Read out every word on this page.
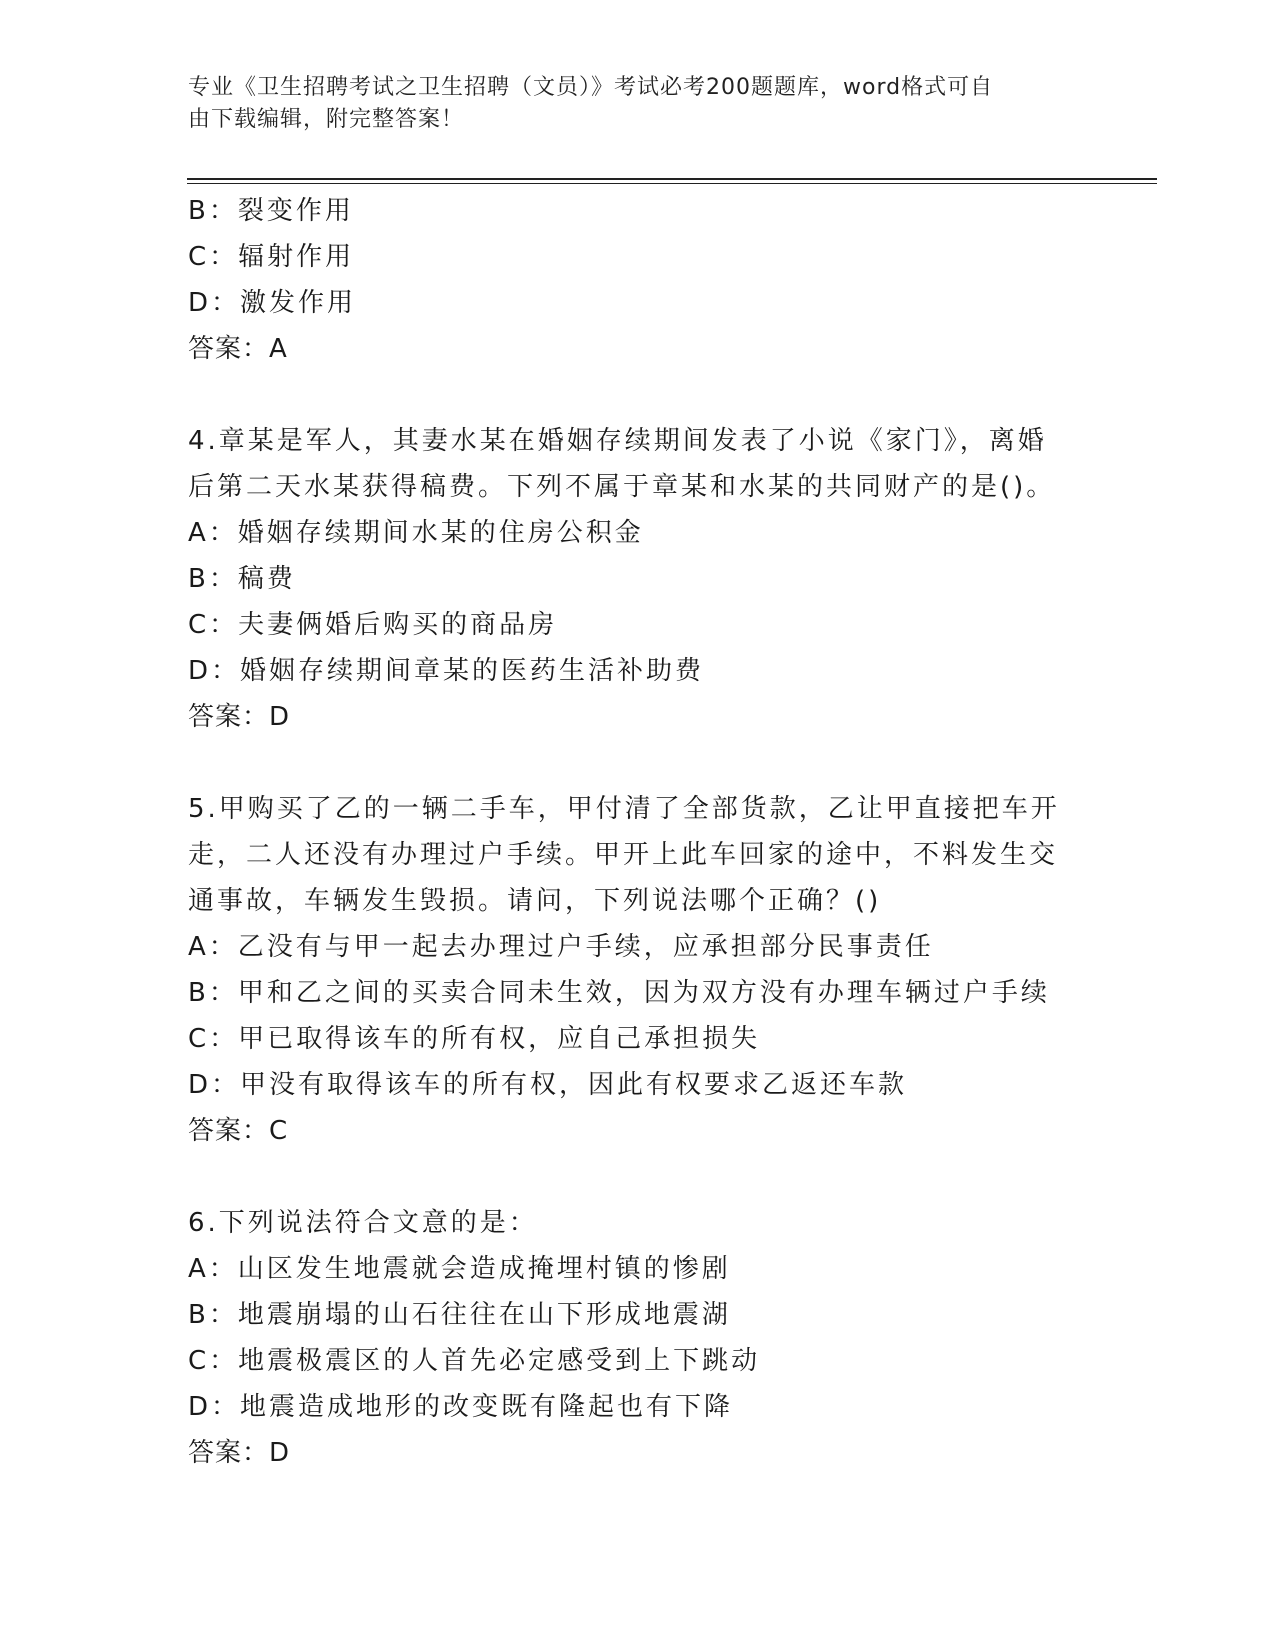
专业《卫生招聘考试之卫生招聘（文员）》考试必考200题题库，word格式可自
由下载编辑，附完整答案！
B：裂变作用
C：辐射作用
D：激发作用
答案：A
4.章某是军人，其妻水某在婚姻存续期间发表了小说《家门》，离婚
后第二天水某获得稿费。下列不属于章某和水某的共同财产的是()。
A：婚姻存续期间水某的住房公积金
B：稿费
C：夫妻俩婚后购买的商品房
D：婚姻存续期间章某的医药生活补助费
答案：D
5.甲购买了乙的一辆二手车，甲付清了全部货款，乙让甲直接把车开
走，二人还没有办理过户手续。甲开上此车回家的途中，不料发生交
通事故，车辆发生毁损。请问，下列说法哪个正确？()
A：乙没有与甲一起去办理过户手续，应承担部分民事责任
B：甲和乙之间的买卖合同未生效，因为双方没有办理车辆过户手续
C：甲已取得该车的所有权，应自己承担损失
D：甲没有取得该车的所有权，因此有权要求乙返还车款
答案：C
6.下列说法符合文意的是：
A：山区发生地震就会造成掩埋村镇的惨剧
B：地震崩塌的山石往往在山下形成地震湖
C：地震极震区的人首先必定感受到上下跳动
D：地震造成地形的改变既有隆起也有下降
答案：D
